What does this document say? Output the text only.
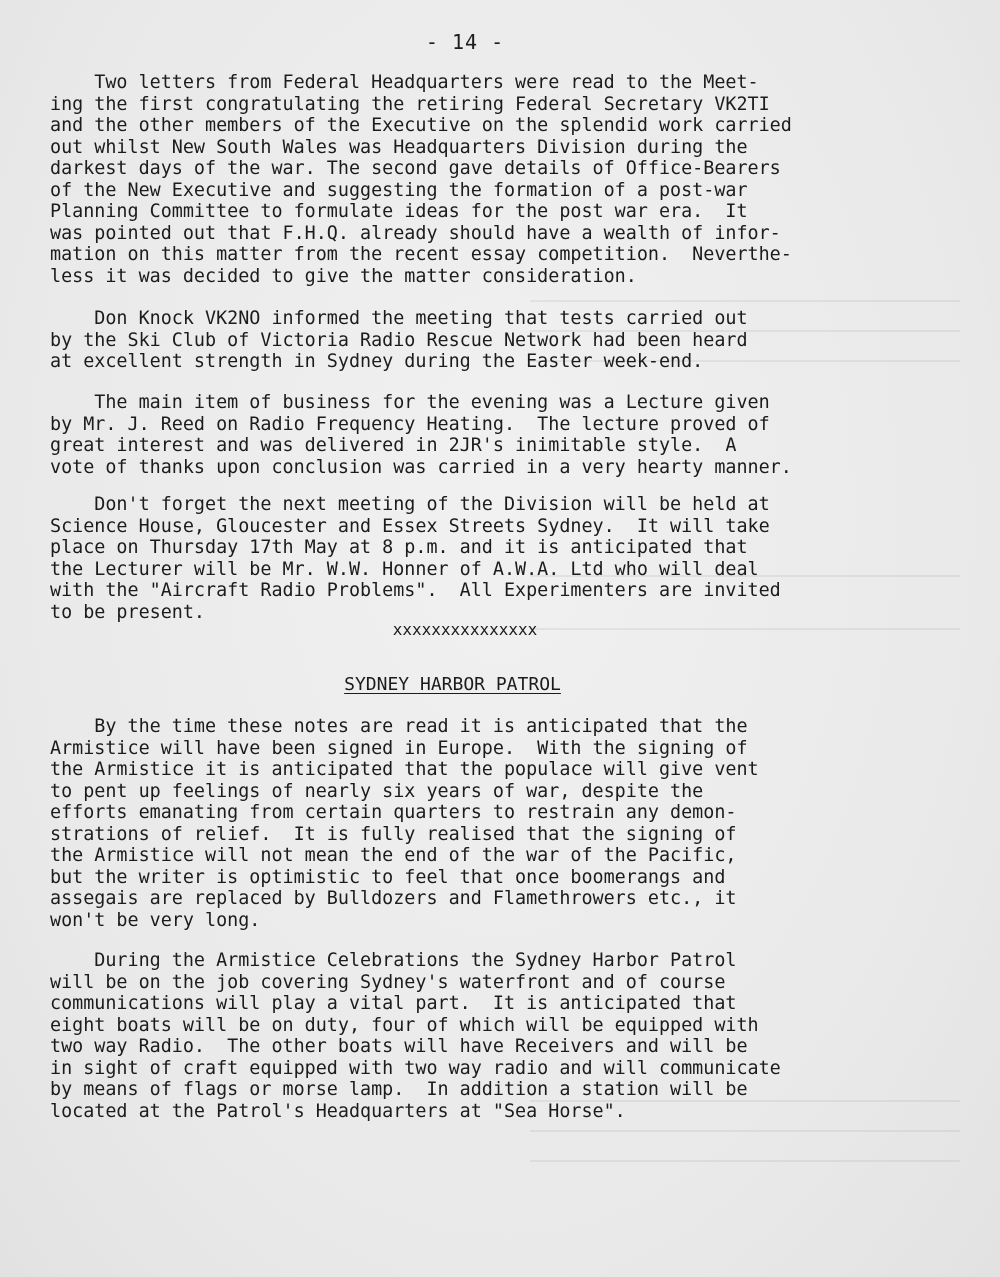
- 14 -
Two letters from Federal Headquarters were read to the Meet-
ing the first congratulating the retiring Federal Secretary VK2TI
and the other members of the Executive on the splendid work carried
out whilst New South Wales was Headquarters Division during the
darkest days of the war. The second gave details of Office-Bearers
of the New Executive and suggesting the formation of a post-war
Planning Committee to formulate ideas for the post war era.  It
was pointed out that F.H.Q. already should have a wealth of infor-
mation on this matter from the recent essay competition.  Neverthe-
less it was decided to give the matter consideration.
Don Knock VK2NO informed the meeting that tests carried out
by the Ski Club of Victoria Radio Rescue Network had been heard
at excellent strength in Sydney during the Easter week-end.
The main item of business for the evening was a Lecture given
by Mr. J. Reed on Radio Frequency Heating.  The lecture proved of
great interest and was delivered in 2JR's inimitable style.  A
vote of thanks upon conclusion was carried in a very hearty manner.
Don't forget the next meeting of the Division will be held at
Science House, Gloucester and Essex Streets Sydney.  It will take
place on Thursday 17th May at 8 p.m. and it is anticipated that
the Lecturer will be Mr. W.W. Honner of A.W.A. Ltd who will deal
with the "Aircraft Radio Problems".  All Experimenters are invited
to be present.
xxxxxxxxxxxxxxx
SYDNEY HARBOR PATROL
By the time these notes are read it is anticipated that the
Armistice will have been signed in Europe.  With the signing of
the Armistice it is anticipated that the populace will give vent
to pent up feelings of nearly six years of war, despite the
efforts emanating from certain quarters to restrain any demon-
strations of relief.  It is fully realised that the signing of
the Armistice will not mean the end of the war of the Pacific,
but the writer is optimistic to feel that once boomerangs and
assegais are replaced by Bulldozers and Flamethrowers etc., it
won't be very long.
During the Armistice Celebrations the Sydney Harbor Patrol
will be on the job covering Sydney's waterfront and of course
communications will play a vital part.  It is anticipated that
eight boats will be on duty, four of which will be equipped with
two way Radio.  The other boats will have Receivers and will be
in sight of craft equipped with two way radio and will communicate
by means of flags or morse lamp.  In addition a station will be
located at the Patrol's Headquarters at "Sea Horse".
